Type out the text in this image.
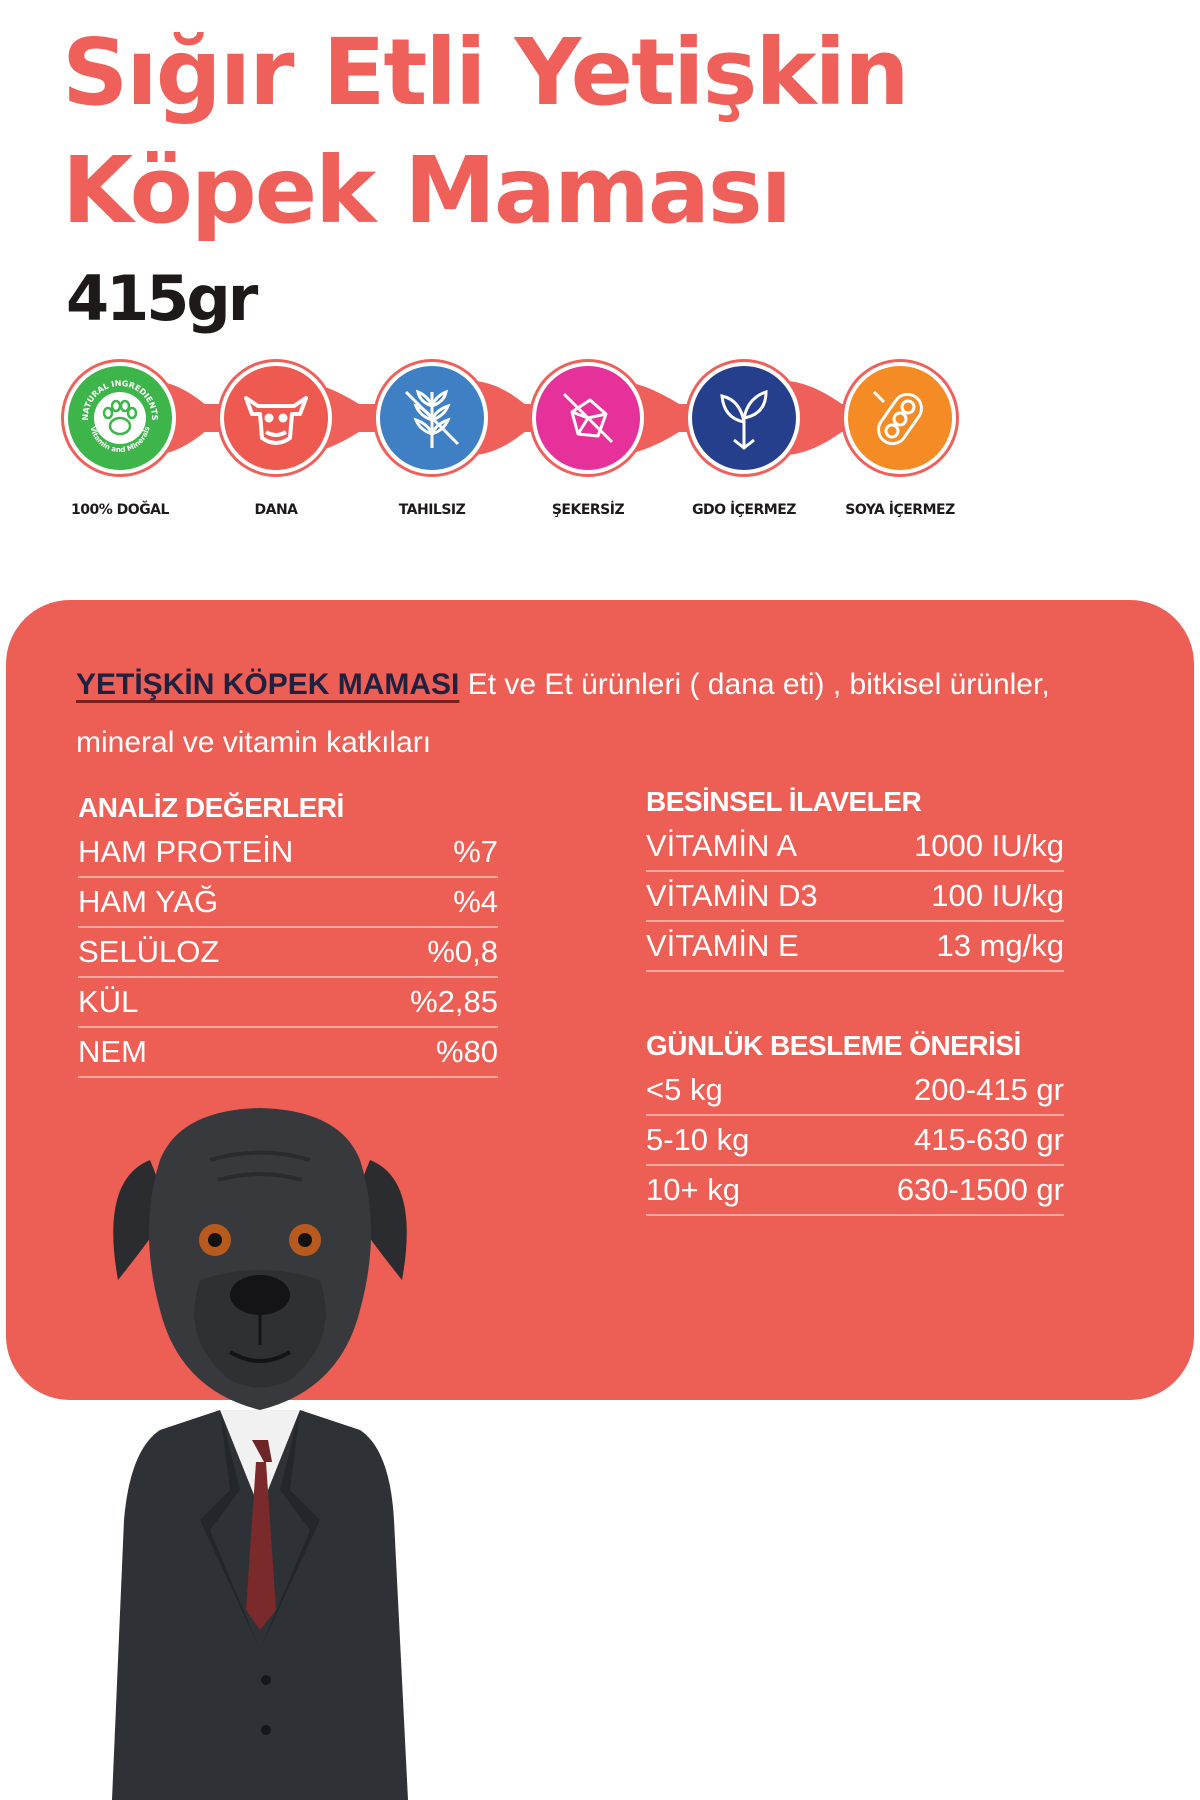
Sığır Etli Yetişkin
Köpek Maması
415gr
NATURAL INGREDIENTS
Vitamin and Minerals
100% DOĞAL	DANA	TAHILSIZ	ŞEKERSİZ	GDO İÇERMEZ	SOYA İÇERMEZ
YETİŞKİN KÖPEK MAMASI Et ve Et ürünleri ( dana eti) , bitkisel ürünler, mineral ve vitamin katkıları
ANALİZ DEĞERLERİ
HAM PROTEİN	%7
HAM YAĞ	%4
SELÜLOZ	%0,8
KÜL	%2,85
NEM	%80
BESİNSEL İLAVELER
VİTAMİN A	1000 IU/kg
VİTAMİN D3	100 IU/kg
VİTAMİN E	13 mg/kg
GÜNLÜK BESLEME ÖNERİSİ
<5 kg	200-415 gr
5-10 kg	415-630 gr
10+ kg	630-1500 gr
